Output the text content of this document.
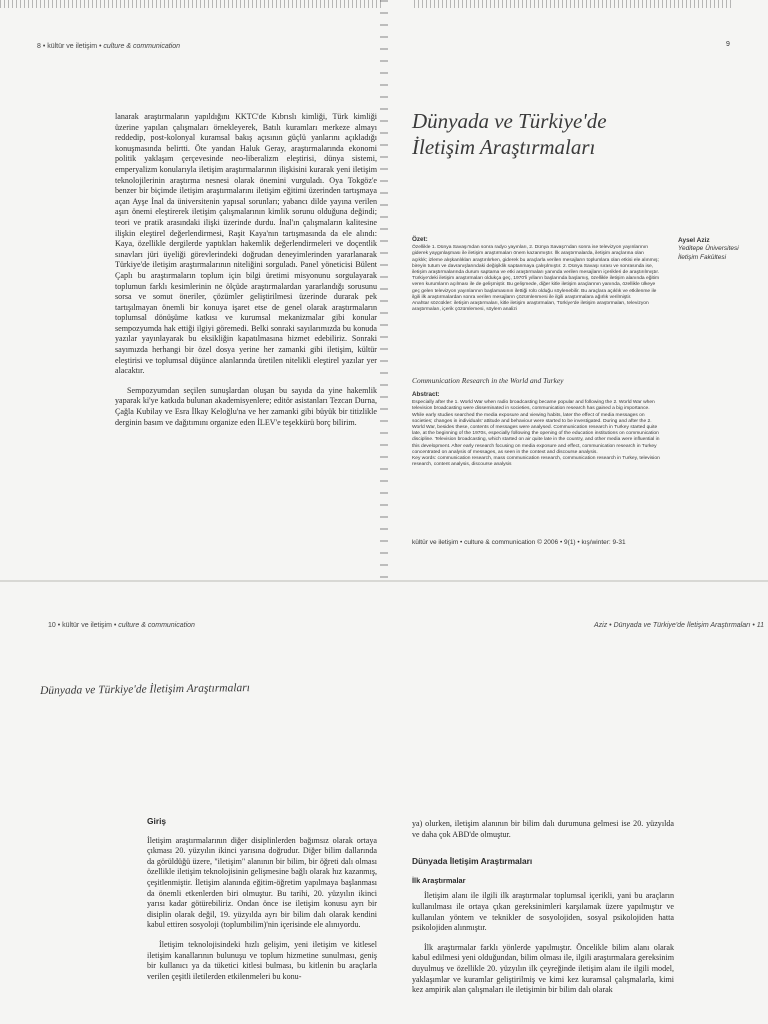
8 • kültür ve iletişim • culture & communication

lanarak araştırmaların yapıldığını KKTC'de Kıbrıslı kimliği, Türk kimliği üzerine yapılan çalışmaları örnekleyerek, Batılı kuramları merkeze almayı reddedip, post-kolonyal kuramsal bakış açısının güçlü yanlarını açıkladığı konuşmasında belirtti. Öte yandan Haluk Geray, araştırmalarında ekonomi politik yaklaşım çerçevesinde neo-liberalizm eleştirisi, dünya sistemi, emperyalizm konularıyla iletişim araştırmalarının ilişkisini kurarak yeni iletişim teknolojilerinin araştırma nesnesi olarak önemini vurguladı. Oya Tokgöz'e benzer bir biçimde iletişim araştırmalarını iletişim eğitimi üzerinden tartışmaya açan Ayşe İnal da üniversitenin yapısal sorunları; yabancı dilde yayına verilen aşırı önemi eleştirerek iletişim çalışmalarının kimlik sorunu olduğuna değindi; teori ve pratik arasındaki ilişki üzerinde durdu. İnal'ın çalışmaların kalitesine ilişkin eleştirel değerlendirmesi, Raşit Kaya'nın tartışmasında da ele alındı: Kaya, özellikle dergilerde yaptıkları hakemlik değerlendirmeleri ve doçentlik sınavları jüri üyeliği görevlerindeki doğrudan deneyimlerinden yararlanarak Türkiye'de iletişim araştırmalarının niteliğini sorguladı. Panel yöneticisi Bülent Çaplı bu araştırmaların toplum için bilgi üretimi misyonunu sorgulayarak toplumun farklı kesimlerinin ne ölçüde araştırmalardan yararlandığı sorusunu sorsa ve somut öneriler, çözümler geliştirilmesi üzerinde durarak pek tartışılmayan önemli bir konuya işaret etse de genel olarak araştırmaların toplumsal dönüşüme katkısı ve kurumsal mekanizmalar gibi konular sempozyumda hak ettiği ilgiyi göremedi. Belki sonraki sayılarımızda bu konuda yazılar yayınlayarak bu eksikliğin kapatılmasına hizmet edebiliriz. Sonraki sayımızda herhangi bir özel dosya yerine her zamanki gibi iletişim, kültür eleştirisi ve toplumsal düşünce alanlarında üretilen nitelikli eleştirel yazılar yer alacaktır.

Sempozyumdan seçilen sunuşlardan oluşan bu sayıda da yine hakemlik yaparak ki'ye katkıda bulunan akademisyenlere; editör asistanları Tezcan Durna, Çağla Kubilay ve Esra İlkay Keloğlu'na ve her zamanki gibi büyük bir titizlikle derginin basım ve dağıtımını organize eden İLEV'e teşekkürü borç bilirim.

9
Dünyada ve Türkiye'de
İletişim Araştırmaları
Özet:
Özellikle 1. Dünya Savaşı'ndan sonra radyo yayınları, 2. Dünya Savaşı'ndan sonra ise televizyon yayınlarının giderek yaygınlaşması ile iletişim araştırmaları önem kazanmıştır. İlk araştırmalarda, iletişim araçlarına olan açıklık; izleme alışkanlıkları araştırılırken, giderek bu araçlarla verilen mesajların toplumlara olan etkisi ele alınmış; bireyin tutum ve davranışlarındaki değişiklik saptanmaya çalışılmıştır. 2. Dünya Savaşı sırası ve sonrasında ise, iletişim araştırmalarında durum saptama ve etki araştırmaları yanında verilen mesajların içerikleri de araştırılmıştır. Türkiye'deki iletişim araştırmaları oldukça geç, 1970'li yılların başlarında başlamış, özellikle iletişim alanında eğitim veren kurumların açılması ile de gelişmiştir. Bu gelişmede, diğer kitle iletişim araçlarının yanında, özellikle ülkeye geç gelen televizyon yayınlarının başlamasının ilettiği rolü olduğu söylenebilir. Bu araçlara açıklık ve etkilenme ile ilgili ilk araştırmalardan sonra verilen mesajların çözümlenmesi ile ilgili araştırmalara ağırlık verilmiştir.
Anahtar sözcükler: iletişim araştırmaları, kitle iletişim araştırmaları, Türkiye'de iletişim araştırmaları, televizyon araştırmaları, içerik çözümlemesi, söylem analizi
Aysel Aziz
Yeditepe Üniversitesi
İletişim Fakültesi
Communication Research in the World and Turkey
Abstract:
Especially after the 1. World War when radio broadcasting became popular and following the 2. World War when television broadcasting were disseminated in societies, communication research has gained a big importance. While early studies searched the media exposure and viewing habits, later the effect of media messages on societies; changes in individuals' attitude and behaviour were started to be investigated. During and after the 2. World War, besides these, contents of messages were analysed. Communication research in Turkey started quite late, at the beginning of the 1970s, especially following the opening of the education institutions on communication discipline. Television broadcasting, which started on air quite late in the country, and other media were influential in this development. After early research focusing on media exposure and effect, communication research in Turkey concentrated on analysis of messages, as seen in the context and discourse analysis.
Key words: communication research, mass communication research, communication research in Turkey, television research, content analysis, discourse analysis
kültür ve iletişim • culture & communication © 2006 • 9(1) • kış/winter: 9-31
10 • kültür ve iletişim • culture & communication
Dünyada ve Türkiye'de İletişim Araştırmaları
Giriş

İletişim araştırmalarının diğer disiplinlerden bağımsız olarak ortaya çıkması 20. yüzyılın ikinci yarısına doğrudur. Diğer bilim dallarında da görüldüğü üzere, "iletişim" alanının bir bilim, bir öğreti dalı olması özellikle iletişim teknolojisinin gelişmesine bağlı olarak hız kazanmış, çeşitlenmiştir. İletişim alanında eğitim-öğretim yapılmaya başlanması da önemli etkenlerden biri olmuştur. Bu tarihi, 20. yüzyılın ikinci yarısı kadar götürebiliriz. Ondan önce ise iletişim konusu ayrı bir disiplin olarak değil, 19. yüzyılda ayrı bir bilim dalı olarak kendini kabul ettiren sosyoloji (toplumbilim)'nin içerisinde ele alınıyordu.

İletişim teknolojisindeki hızlı gelişim, yeni iletişim ve kitlesel iletişim kanallarının bulunuşu ve toplum hizmetine sunulması, geniş bir kullanıcı ya da tüketici kitlesi bulması, bu kitlenin bu araçlarla verilen çeşitli iletilerden etkilenmeleri bu konu-

Aziz • Dünyada ve Türkiye'de İletişim Araştırmaları • 11

ya) olurken, iletişim alanının bir bilim dalı durumuna gelmesi ise 20. yüzyılda ve daha çok ABD'de olmuştur.

Dünyada İletişim Araştırmaları
İlk Araştırmalar

İletişim alanı ile ilgili ilk araştırmalar toplumsal içerikli, yani bu araçların kullanılması ile ortaya çıkan gereksinimleri karşılamak üzere yapılmıştır ve kullanılan yöntem ve teknikler de sosyolojiden, sosyal psikolojiden hatta psikolojiden alınmıştır.

İlk araştırmalar farklı yönlerde yapılmıştır. Öncelikle bilim alanı olarak kabul edilmesi yeni olduğundan, bilim olması ile, ilgili araştırmalara gereksinim duyulmuş ve özellikle 20. yüzyılın ilk çeyreğinde iletişim alanı ile ilgili model, yaklaşımlar ve kuramlar geliştirilmiş ve kimi kez kuramsal çalışmalarla, kimi kez ampirik alan çalışmaları ile iletişimin bir bilim dalı olarak
